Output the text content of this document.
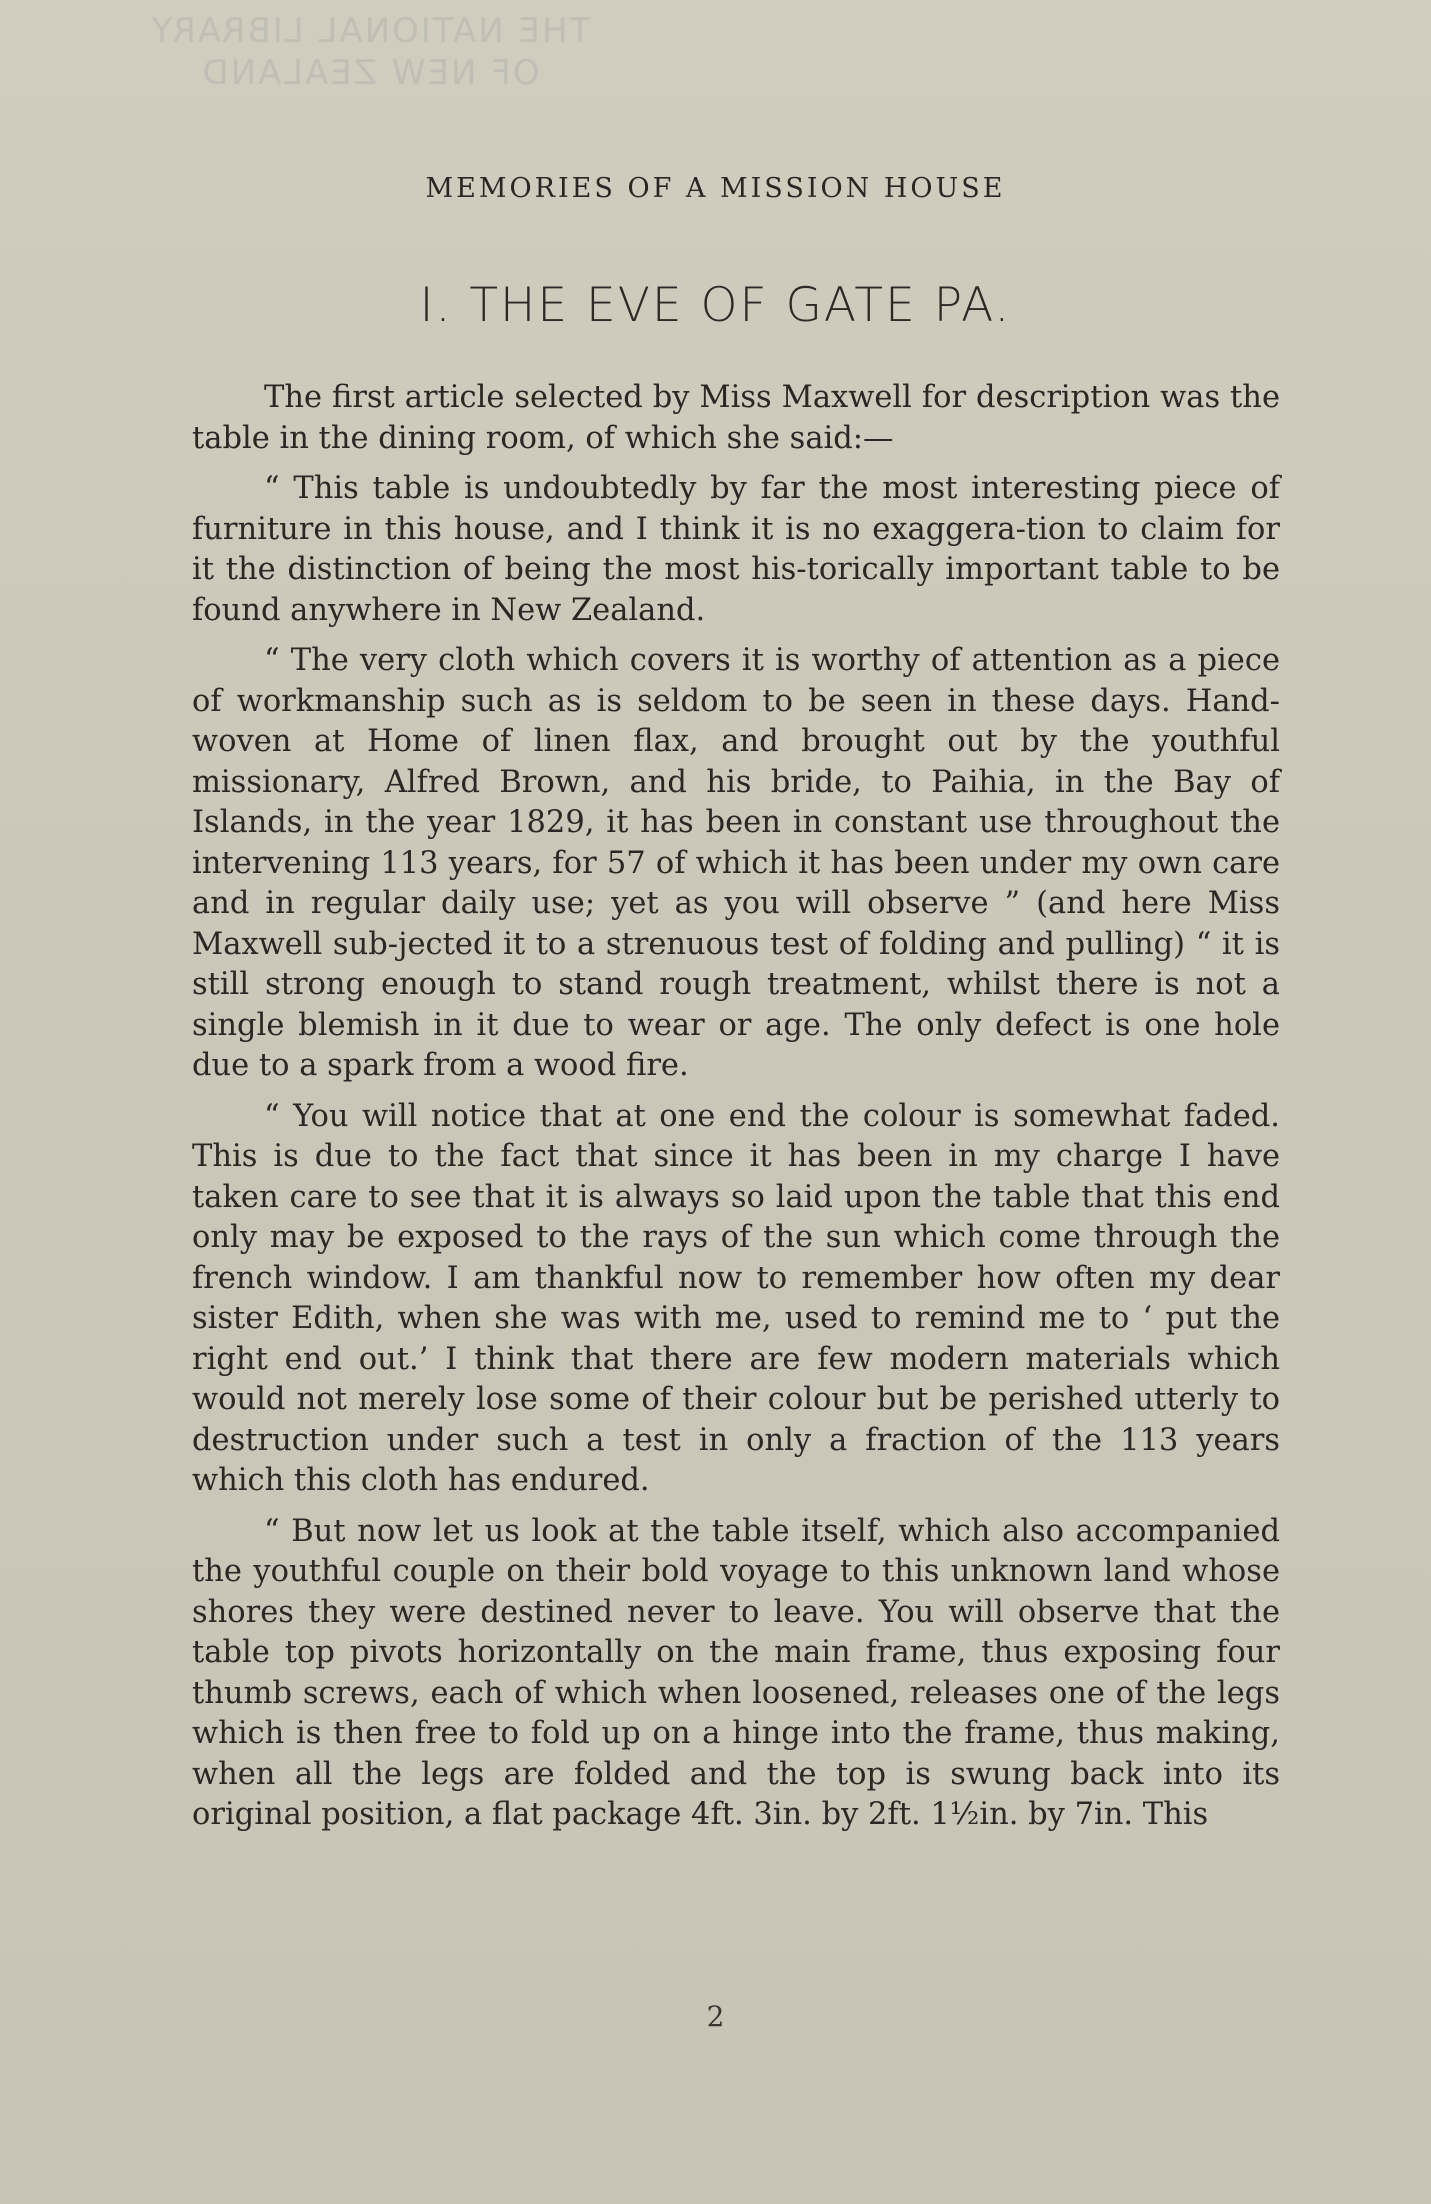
THE NATIONAL LIBRARY
OF NEW ZEALAND
MEMORIES OF A MISSION HOUSE
I. THE EVE OF GATE PA.

The first article selected by Miss Maxwell for description was the table in the dining room, of which she said:—

“ This table is undoubtedly by far the most interesting piece of furniture in this house, and I think it is no exaggera-tion to claim for it the distinction of being the most his-torically important table to be found anywhere in New Zealand.

“ The very cloth which covers it is worthy of attention as a piece of workmanship such as is seldom to be seen in these days. Hand-woven at Home of linen flax, and brought out by the youthful missionary, Alfred Brown, and his bride, to Paihia, in the Bay of Islands, in the year 1829, it has been in constant use throughout the intervening 113 years, for 57 of which it has been under my own care and in regular daily use; yet as you will observe ” (and here Miss Maxwell sub-jected it to a strenuous test of folding and pulling) “ it is still strong enough to stand rough treatment, whilst there is not a single blemish in it due to wear or age. The only defect is one hole due to a spark from a wood fire.

“ You will notice that at one end the colour is somewhat faded. This is due to the fact that since it has been in my charge I have taken care to see that it is always so laid upon the table that this end only may be exposed to the rays of the sun which come through the french window. I am thankful now to remember how often my dear sister Edith, when she was with me, used to remind me to ‘ put the right end out.’ I think that there are few modern materials which would not merely lose some of their colour but be perished utterly to destruction under such a test in only a fraction of the 113 years which this cloth has endured.

“ But now let us look at the table itself, which also accompanied the youthful couple on their bold voyage to this unknown land whose shores they were destined never to leave. You will observe that the table top pivots horizontally on the main frame, thus exposing four thumb screws, each of which when loosened, releases one of the legs which is then free to fold up on a hinge into the frame, thus making, when all the legs are folded and the top is swung back into its original position, a flat package 4ft. 3in. by 2ft. 1½in. by 7in. This

2
